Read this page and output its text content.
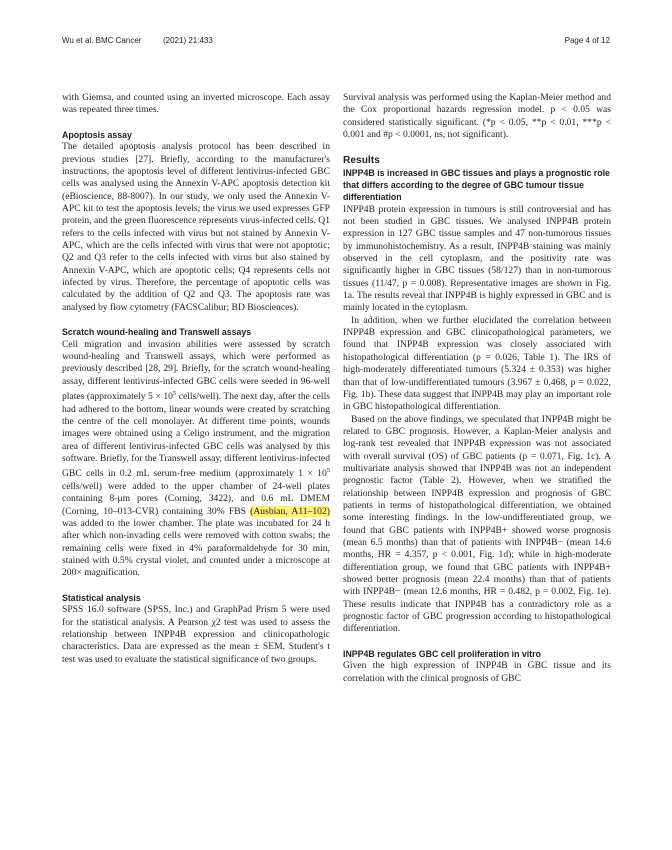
Wu et al. BMC Cancer	(2021) 21:433	Page 4 of 12

with Giemsa, and counted using an inverted microscope. Each assay was repeated three times.

Apoptosis assay

The detailed apoptosis analysis protocol has been described in previous studies [27]. Briefly, according to the manufacturer's instructions, the apoptosis level of different lentivirus-infected GBC cells was analysed using the Annexin V-APC apoptosis detection kit (eBioscience, 88-8007). In our study, we only used the Annexin V-APC kit to test the apoptosis levels; the virus we used expresses GFP protein, and the green fluorescence represents virus-infected cells. Q1 refers to the cells infected with virus but not stained by Annexin V-APC, which are the cells infected with virus that were not apoptotic; Q2 and Q3 refer to the cells infected with virus but also stained by Annexin V-APC, which are apoptotic cells; Q4 represents cells not infected by virus. Therefore, the percentage of apoptotic cells was calculated by the addition of Q2 and Q3. The apoptosis rate was analysed by flow cytometry (FACSCalibur; BD Biosciences).

Scratch wound-healing and Transwell assays

Cell migration and invasion abilities were assessed by scratch wound-healing and Transwell assays, which were performed as previously described [28, 29]. Briefly, for the scratch wound-healing assay, different lentivirus-infected GBC cells were seeded in 96-well plates (approximately $5 \times 10^5$ cells/well). The next day, after the cells had adhered to the bottom, linear wounds were created by scratching the centre of the cell monolayer. At different time points, wounds images were obtained using a Celigo instrument, and the migration area of different lentivirus-infected GBC cells was analysed by this software. Briefly, for the Transwell assay, different lentivirus-infected GBC cells in 0.2 mL serum-free medium (approximately $1 \times 10^5$ cells/well) were added to the upper chamber of 24-well plates containing 8-μm pores (Corning, 3422), and 0.6 mL DMEM (Corning, 10–013-CVR) containing 30% FBS (Ausbian, A11–102) was added to the lower chamber. The plate was incubated for 24 h after which non-invading cells were removed with cotton swabs; the remaining cells were fixed in 4% paraformaldehyde for 30 min, stained with 0.5% crystal violet, and counted under a microscope at 200× magnification.

Statistical analysis

SPSS 16.0 software (SPSS, Inc.) and GraphPad Prism 5 were used for the statistical analysis. A Pearson χ2 test was used to assess the relationship between INPP4B expression and clinicopathologic characteristics. Data are expressed as the mean ± SEM. Student's t test was used to evaluate the statistical significance of two groups.

Survival analysis was performed using the Kaplan-Meier method and the Cox proportional hazards regression model. p < 0.05 was considered statistically significant. (*p < 0.05, **p < 0.01, ***p < 0.001 and #p < 0.0001, ns, not significant).

Results

INPP4B is increased in GBC tissues and plays a prognostic role that differs according to the degree of GBC tumour tissue differentiation

INPP4B protein expression in tumours is still controversial and has not been studied in GBC tissues. We analysed INPP4B protein expression in 127 GBC tissue samples and 47 non-tumorous tissues by immunohistochemistry. As a result, INPP4B staining was mainly observed in the cell cytoplasm, and the positivity rate was significantly higher in GBC tissues (58/127) than in non-tumorous tissues (11/47, p = 0.008). Representative images are shown in Fig. 1a. The results reveal that INPP4B is highly expressed in GBC and is mainly located in the cytoplasm.

In addition, when we further elucidated the correlation between INPP4B expression and GBC clinicopathological parameters, we found that INPP4B expression was closely associated with histopathological differentiation (p = 0.026, Table 1). The IRS of high-moderately differentiated tumours (5.324 ± 0.353) was higher than that of low-undifferentiated tumours (3.967 ± 0.468, p = 0.022, Fig. 1b). These data suggest that INPP4B may play an important role in GBC histopathological differentiation.

Based on the above findings, we speculated that INPP4B might be related to GBC prognosis. However, a Kaplan-Meier analysis and log-rank test revealed that INPP4B expression was not associated with overall survival (OS) of GBC patients (p = 0.071, Fig. 1c). A multivariate analysis showed that INPP4B was not an independent prognostic factor (Table 2). However, when we stratified the relationship between INPP4B expression and prognosis of GBC patients in terms of histopathological differentiation, we obtained some interesting findings. In the low-undifferentiated group, we found that GBC patients with INPP4B+ showed worse prognosis (mean 6.5 months) than that of patients with INPP4B− (mean 14.6 months, HR = 4.357, p < 0.001, Fig. 1d); while in high-moderate differentiation group, we found that GBC patients with INPP4B+ showed better prognosis (mean 22.4 months) than that of patients with INPP4B− (mean 12.6 months, HR = 0.482, p = 0.002, Fig. 1e). These results indicate that INPP4B has a contradictory role as a prognostic factor of GBC progression according to histopathological differentiation.

INPP4B regulates GBC cell proliferation in vitro

Given the high expression of INPP4B in GBC tissue and its correlation with the clinical prognosis of GBC
